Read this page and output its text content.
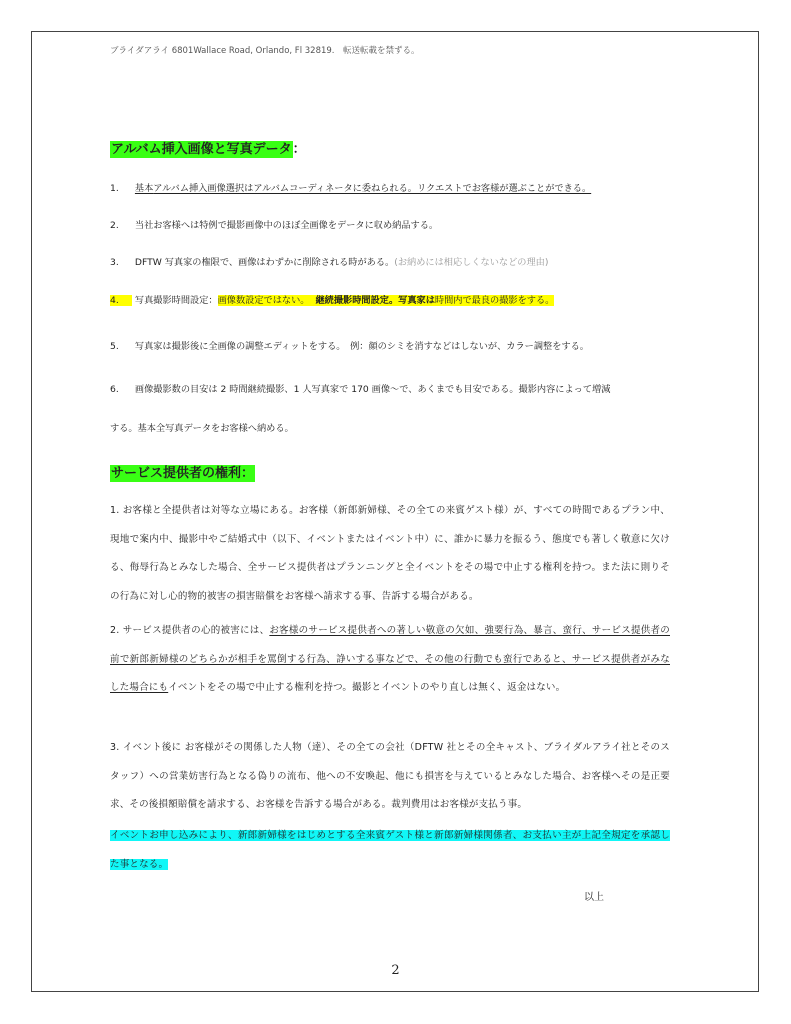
ブライダアライ 6801Wallace Road, Orlando, Fl 32819.　転送転載を禁ずる。
アルバム挿入画像と写真データ：
1. 基本アルバム挿入画像選択はアルバムコーディネータに委ねられる。リクエストでお客様が選ぶことができる。
2. 当社お客様へは特例で撮影画像中のほぼ全画像をデータに収め納品する。
3. DFTW 写真家の権限で、画像はわずかに削除される時がある。(お納めには相応しくないなどの理由)
4. 写真撮影時間設定：画像数設定ではない。 継続撮影時間設定。写真家は時間内で最良の撮影をする。
5. 写真家は撮影後に全画像の調整エディットをする。　例：顔のシミを消すなどはしないが、カラー調整をする。
6. 画像撮影数の目安は 2 時間継続撮影、1 人写真家で 170 画像〜で、あくまでも目安である。撮影内容によって増減
する。基本全写真データをお客様へ納める。
サービス提供者の権利：
1. お客様と全提供者は対等な立場にある。お客様（新郎新婦様、その全ての来賓ゲスト様）が、すべての時間であるプラン中、現地で案内中、撮影中やご結婚式中（以下、イベントまたはイベント中）に、誰かに暴力を振るう、態度でも著しく敬意に欠ける、侮辱行為とみなした場合、全サービス提供者はプランニングと全イベントをその場で中止する権利を持つ。また法に則りその行為に対し心的物的被害の損害賠償をお客様へ請求する事、告訴する場合がある。
2. サービス提供者の心的被害には、お客様のサービス提供者への著しい敬意の欠如、強要行為、暴言、蛮行、サービス提供者の前で新郎新婦様のどちらかが相手を罵倒する行為、諍いする事などで、その他の行動でも蛮行であると、サービス提供者がみなした場合にもイベントをその場で中止する権利を持つ。撮影とイベントのやり直しは無く、返金はない。
3. イベント後に お客様がその関係した人物（達）、その全ての会社（DFTW 社とその全キャスト、ブライダルアライ社とそのスタッフ）への営業妨害行為となる偽りの流布、他への不安喚起、他にも損害を与えているとみなした場合、お客様へその是正要求、その後損額賠償を請求する、お客様を告訴する場合がある。裁判費用はお客様が支払う事。
イベントお申し込みにより、新郎新婦様をはじめとする全来賓ゲスト様と新郎新婦様関係者、お支払い主が上記全規定を承認した事となる。
以上
2
